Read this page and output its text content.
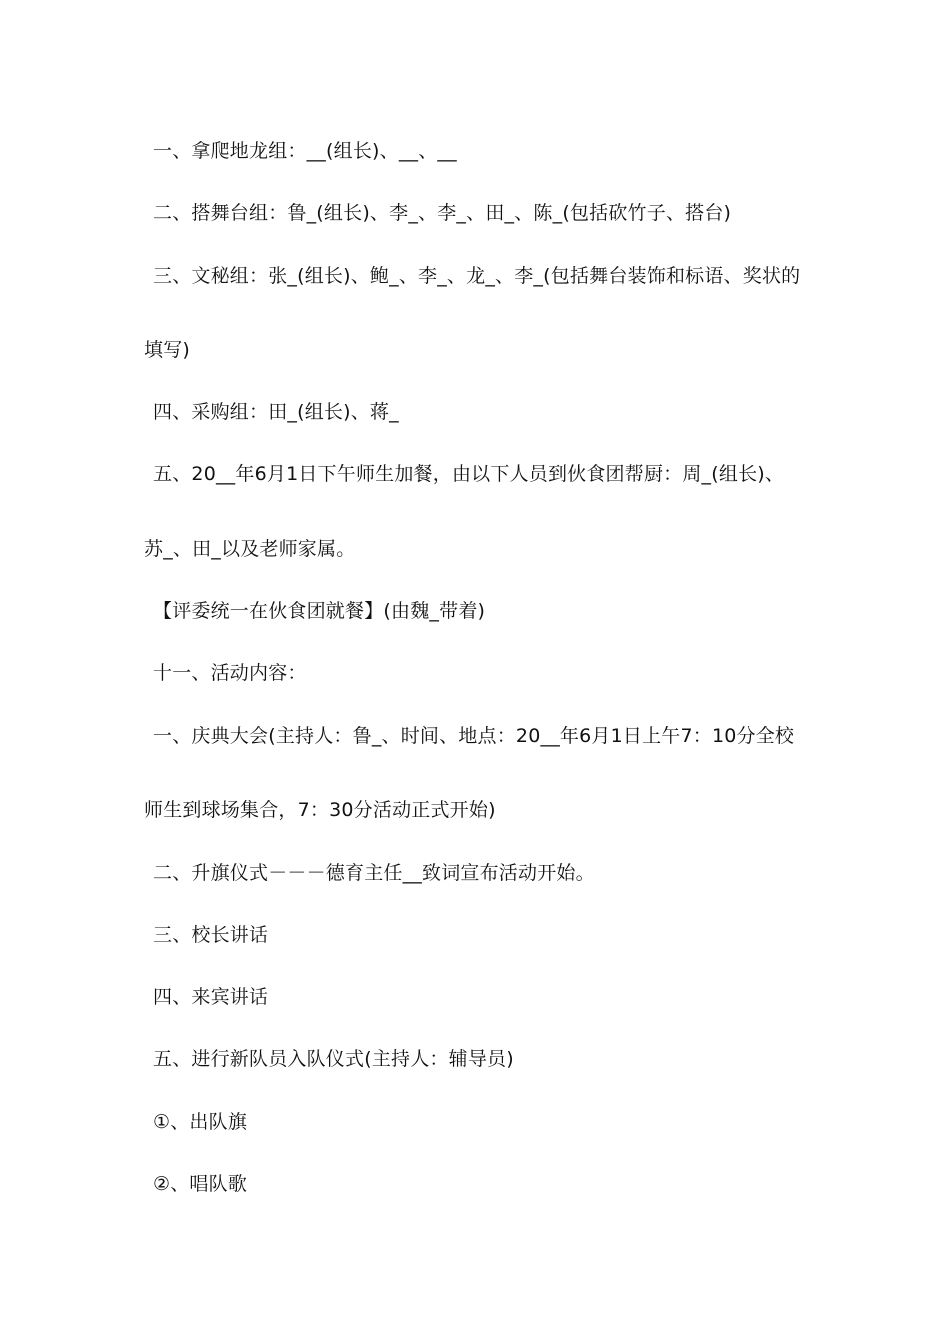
一、拿爬地龙组：__(组长)、__、__
二、搭舞台组：鲁_(组长)、李_、李_、田_、陈_(包括砍竹子、搭台)
三、文秘组：张_(组长)、鲍_、李_、龙_、李_(包括舞台装饰和标语、奖状的
填写)
四、采购组：田_(组长)、蒋_
五、20__年6月1日下午师生加餐，由以下人员到伙食团帮厨：周_(组长)、
苏_、田_以及老师家属。
【评委统一在伙食团就餐】(由魏_带着)
十一、活动内容：
一、庆典大会(主持人：鲁_、时间、地点：20__年6月1日上午7：10分全校
师生到球场集合，7：30分活动正式开始)
二、升旗仪式－－－德育主任__致词宣布活动开始。
三、校长讲话
四、来宾讲话
五、进行新队员入队仪式(主持人：辅导员)
①、出队旗
②、唱队歌
